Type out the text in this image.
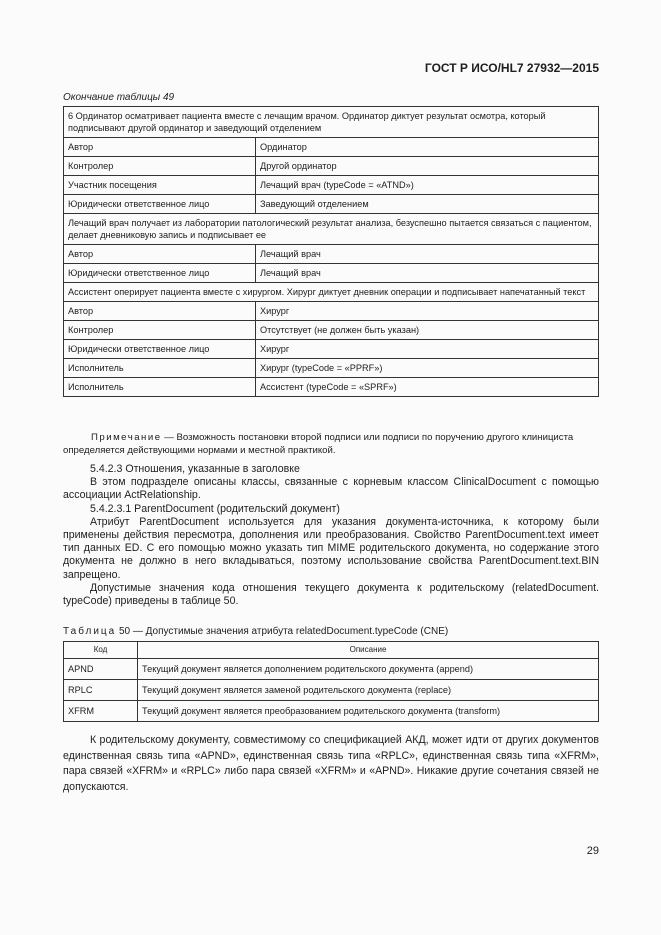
ГОСТ Р ИСО/HL7 27932—2015
Окончание таблицы 49
6 Ординатор осматривает пациента вместе с лечащим врачом. Ординатор диктует результат осмотра, который подписывают другой ординатор и заведующий отделением	
Автор	Ординатор
Контролер	Другой ординатор
Участник посещения	Лечащий врач (typeCode = «ATND»)
Юридически ответственное лицо	Заведующий отделением
Лечащий врач получает из лаборатории патологический результат анализа, безуспешно пытается связаться с пациентом, делает дневниковую запись и подписывает ее	
Автор	Лечащий врач
Юридически ответственное лицо	Лечащий врач
Ассистент оперирует пациента вместе с хирургом. Хирург диктует дневник операции и подписывает напечатанный текст	
Автор	Хирург
Контролер	Отсутствует (не должен быть указан)
Юридически ответственное лицо	Хирург
Исполнитель	Хирург (typeCode = «PPRF»)
Исполнитель	Ассистент (typeCode = «SPRF»)
Примечание — Возможность постановки второй подписи или подписи по поручению другого клинициста определяется действующими нормами и местной практикой.

5.4.2.3 Отношения, указанные в заголовке

В этом подразделе описаны классы, связанные с корневым классом ClinicalDocument с помощью ассоциации ActRelationship.

5.4.2.3.1 ParentDocument (родительский документ)

Атрибут ParentDocument используется для указания документа-источника, к которому были применены действия пересмотра, дополнения или преобразования. Свойство ParentDocument.text имеет тип данных ED. С его помощью можно указать тип MIME родительского документа, но содержание этого документа не должно в него вкладываться, поэтому использование свойства ParentDocument.text.BIN запрещено.

Допустимые значения кода отношения текущего документа к родительскому (relatedDocument. typeCode) приведены в таблице 50.

Таблица 50 — Допустимые значения атрибута relatedDocument.typeCode (CNE)
Код	Описание
APND	Текущий документ является дополнением родительского документа (append)
RPLC	Текущий документ является заменой родительского документа (replace)
XFRM	Текущий документ является преобразованием родительского документа (transform)
К родительскому документу, совместимому со спецификацией АКД, может идти от других документов единственная связь типа «APND», единственная связь типа «RPLC», единственная связь типа «XFRM», пара связей «XFRM» и «RPLC» либо пара связей «XFRM» и «APND». Никакие другие сочетания связей не допускаются.
29
